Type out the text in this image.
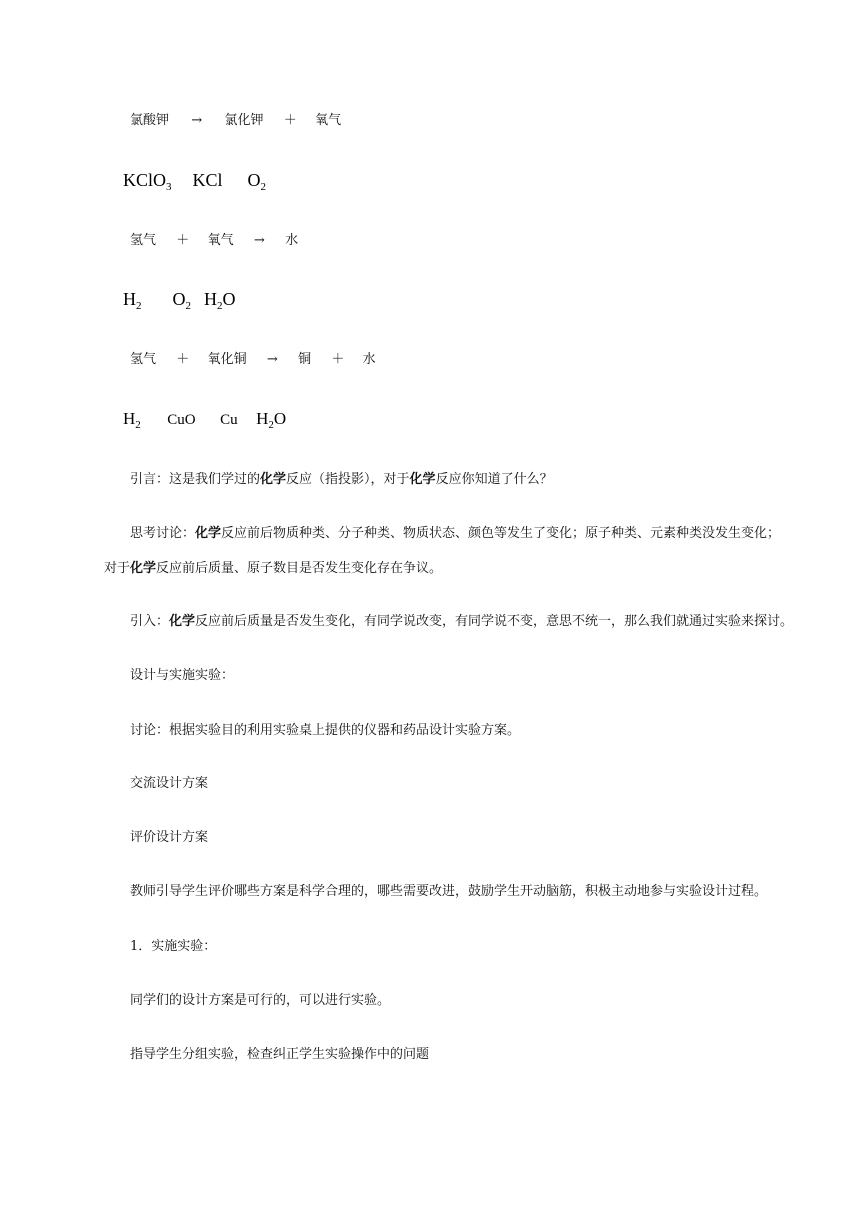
氯酸钾 → 氯化钾 ＋ 氧气
KClO$_3$ KCl $O_2$
氢气 ＋ 氧气 → 水
$H_2$ $O_2$ $H_2O$
氢气 ＋ 氧化铜 → 铜 ＋ 水
$H_2$ CuO Cu $H_2O$
引言：这是我们学过的化学反应（指投影），对于化学反应你知道了什么？
思考讨论：化学反应前后物质种类、分子种类、物质状态、颜色等发生了变化；原子种类、元素种类没发生变化；
对于化学反应前后质量、原子数目是否发生变化存在争议。
引入：化学反应前后质量是否发生变化，有同学说改变，有同学说不变，意思不统一，那么我们就通过实验来探讨。
设计与实施实验：
讨论：根据实验目的利用实验桌上提供的仪器和药品设计实验方案。
交流设计方案
评价设计方案
教师引导学生评价哪些方案是科学合理的，哪些需要改进，鼓励学生开动脑筋，积极主动地参与实验设计过程。
1．实施实验：
同学们的设计方案是可行的，可以进行实验。
指导学生分组实验，检查纠正学生实验操作中的问题
